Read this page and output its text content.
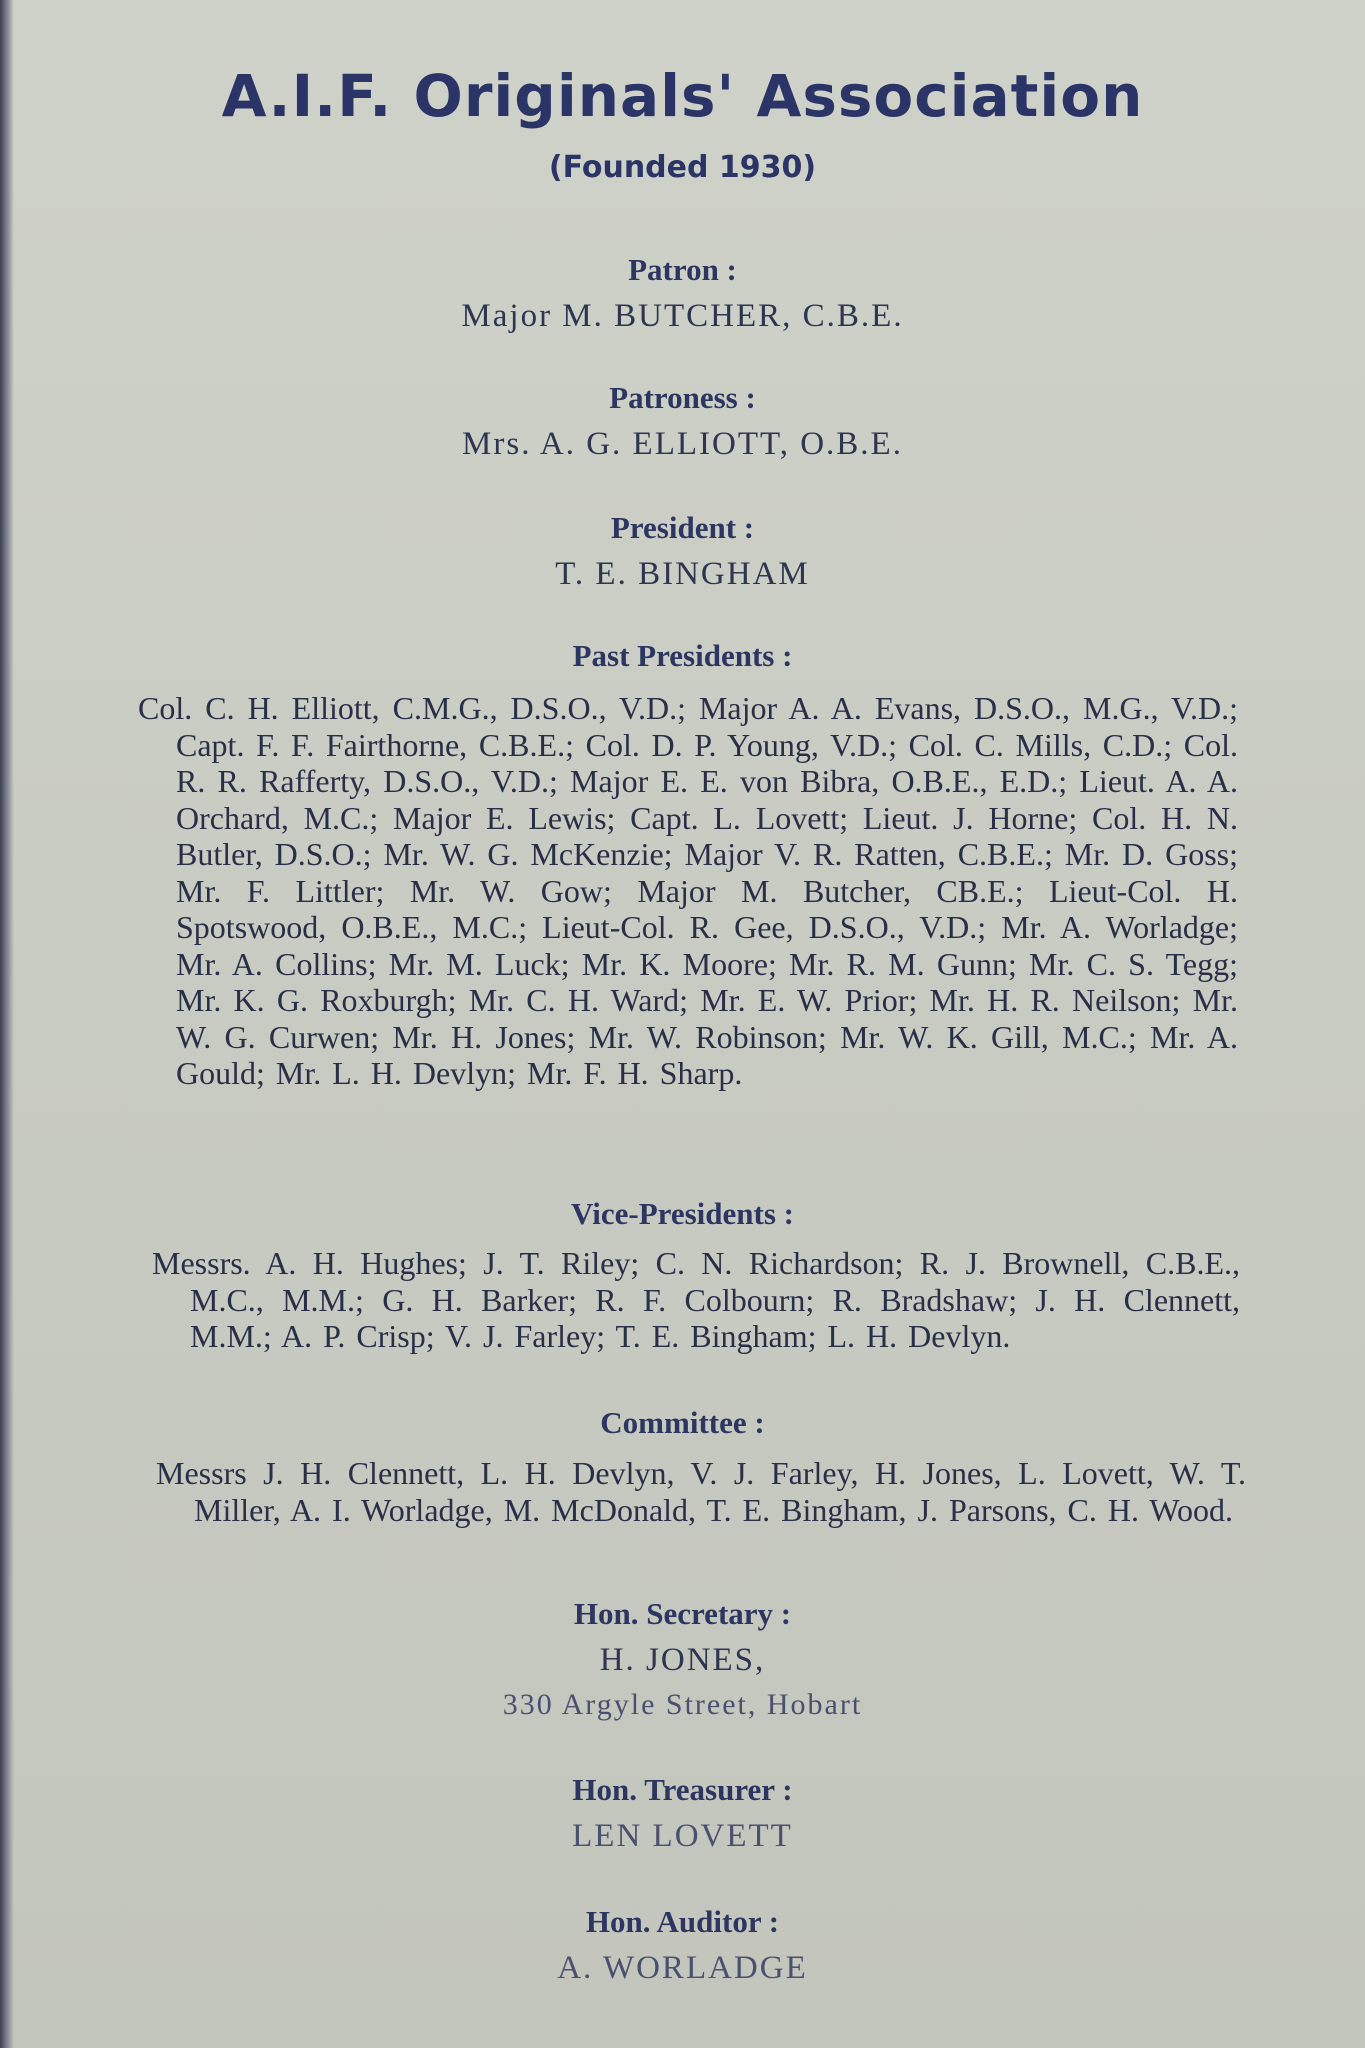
A.I.F. Originals' Association
(Founded 1930)
Patron :
Major M. BUTCHER, C.B.E.
Patroness :
Mrs. A. G. ELLIOTT, O.B.E.
President :
T. E. BINGHAM
Past Presidents :
Col. C. H. Elliott, C.M.G., D.S.O., V.D.; Major A. A. Evans, D.S.O., M.G., V.D.; Capt. F. F. Fairthorne, C.B.E.; Col. D. P. Young, V.D.; Col. C. Mills, C.D.; Col. R. R. Rafferty, D.S.O., V.D.; Major E. E. von Bibra, O.B.E., E.D.; Lieut. A. A. Orchard, M.C.; Major E. Lewis; Capt. L. Lovett; Lieut. J. Horne; Col. H. N. Butler, D.S.O.; Mr. W. G. McKenzie; Major V. R. Ratten, C.B.E.; Mr. D. Goss; Mr. F. Littler; Mr. W. Gow; Major M. Butcher, CB.E.; Lieut-Col. H. Spotswood, O.B.E., M.C.; Lieut-Col. R. Gee, D.S.O., V.D.; Mr. A. Worladge; Mr. A. Collins; Mr. M. Luck; Mr. K. Moore; Mr. R. M. Gunn; Mr. C. S. Tegg; Mr. K. G. Roxburgh; Mr. C. H. Ward; Mr. E. W. Prior; Mr. H. R. Neilson; Mr. W. G. Curwen; Mr. H. Jones; Mr. W. Robinson; Mr. W. K. Gill, M.C.; Mr. A. Gould; Mr. L. H. Devlyn; Mr. F. H. Sharp.
Vice-Presidents :
Messrs. A. H. Hughes; J. T. Riley; C. N. Richardson; R. J. Brownell, C.B.E., M.C., M.M.; G. H. Barker; R. F. Colbourn; R. Bradshaw; J. H. Clennett, M.M.; A. P. Crisp; V. J. Farley; T. E. Bingham; L. H. Devlyn.
Committee :
Messrs J. H. Clennett, L. H. Devlyn, V. J. Farley, H. Jones, L. Lovett, W. T. Miller, A. I. Worladge, M. McDonald, T. E. Bingham, J. Parsons, C. H. Wood.
Hon. Secretary :
H. JONES,
330 Argyle Street, Hobart
Hon. Treasurer :
LEN LOVETT
Hon. Auditor :
A. WORLADGE
